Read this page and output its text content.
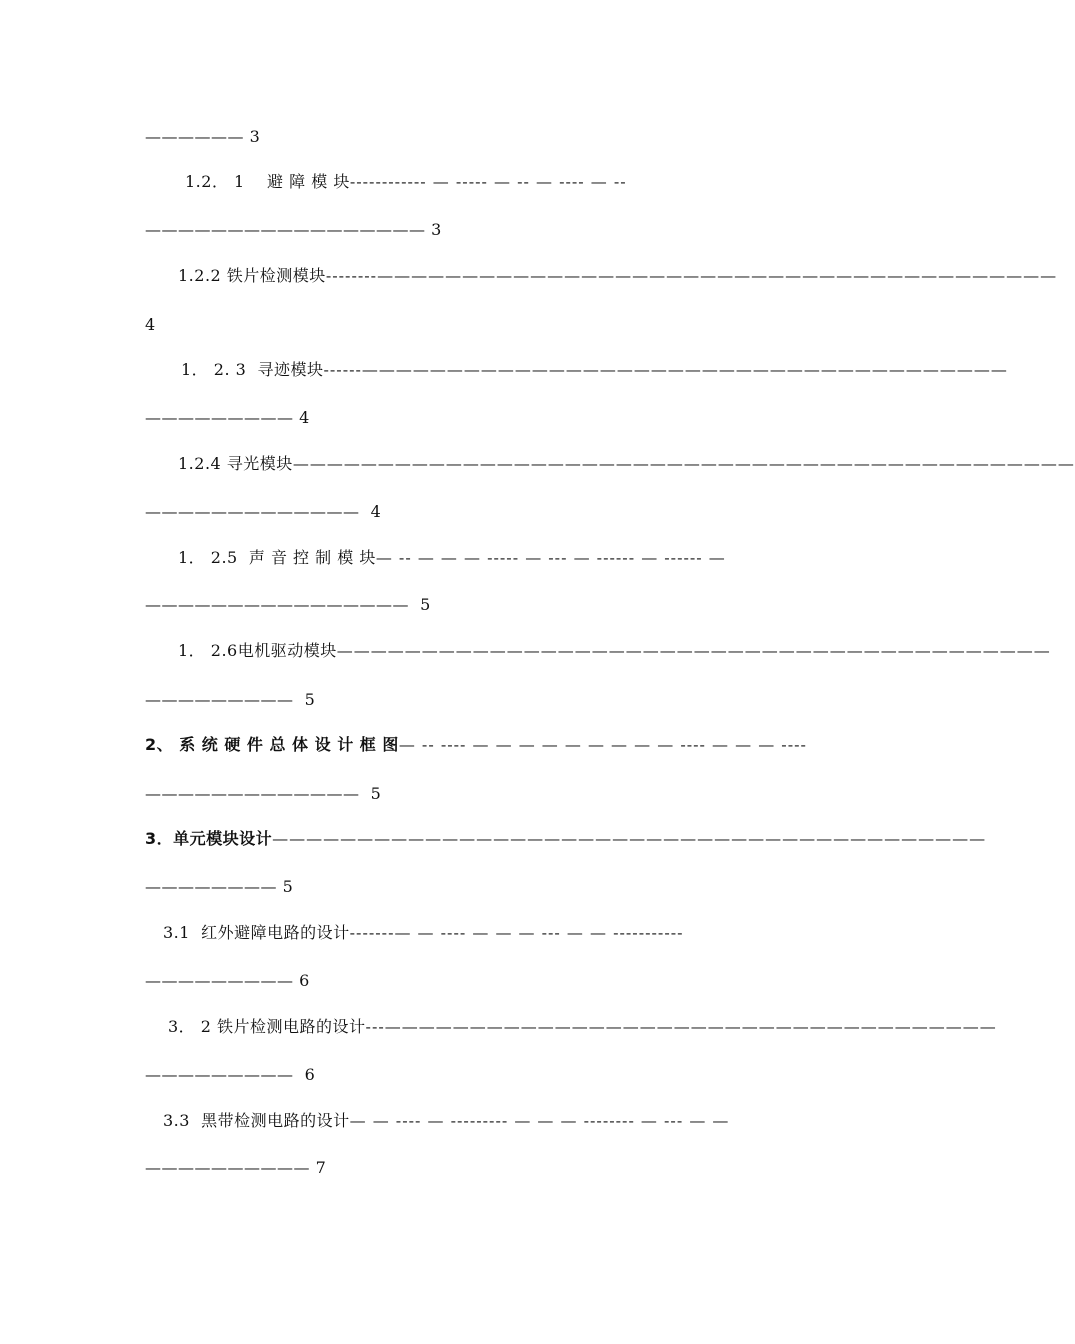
—————— 3
1.2． 1    避 障 模 块 ------------ — ----- — -- — ---- — --
————————————————— 3
1.2.2 铁片检测模块 --------————————————————————————————————————————
4
1． 2. 3  寻迹模块 ------——————————————————————————————————————
————————— 4
1.2.4 寻光模块 ——————————————————————————————————————————————
————————————— 4
1． 2.5  声 音 控 制 模 块 — -- — — — ----- — --- — ------ — ------ —
———————————————— 5
1． 2.6电机驱动模块 ——————————————————————————————————————————
————————— 5
2、 系 统 硬 件 总 体 设 计 框 图 — -- ---- — — — — — — — — — ---- — — — ----
————————————— 5
3．单元模块设计 ——————————————————————————————————————————
———————— 5
3.1  红外避障电路的设计 -------— — ---- — — — --- — — -----------
————————— 6
3． 2 铁片检测电路的设计 ---————————————————————————————————————
————————— 6
3.3  黑带检测电路的设计 — — ---- — --------- — — — -------- — --- — —
—————————— 7
